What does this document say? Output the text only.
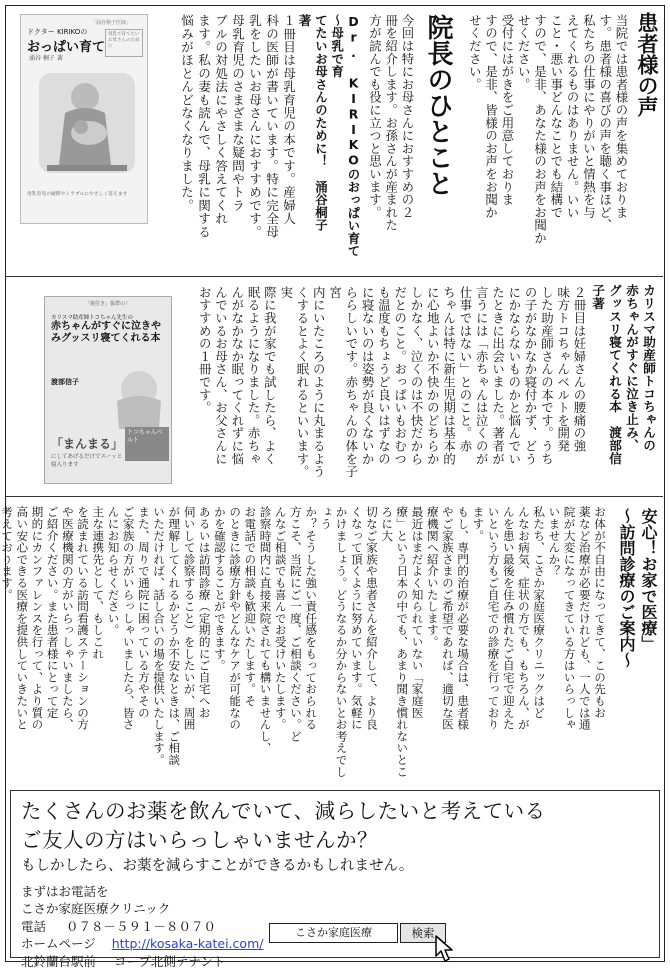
患者様の声
当院では患者様の声を集めておりま
す。患者様の喜びの声を聴く事ほど、
私たちの仕事にやりがいと情熱を与
えてくれるものはありません。いい
こと・悪い事どんなことでも結構で
すので、是非、あなた様のお声をお聞か
せください。
受付にはがきをご用意しておりま
すので、是非、皆様のお声をお聞か
せください。
院長のひとこと
今回は特にお母さんにおすすめの２
冊を紹介します。お孫さんが産まれた
方が読んでも役に立つと思います。
Dr. KIRIKOのおっぱい育て～母乳で育
てたいお母さんのために！　涌谷桐子
著
１冊目は母乳育児の本です。産婦人
科の医師が書いています。特に完全母
乳をしたいお母さんにおすすめです。
母乳育児のさまざまな疑問やトラ
ブルの対処法にやさしく答えてくれ
ます。私の妻も読んで、母乳に関する
悩みがほとんどなくなりました。
「涌谷桐子医師」
ドクター KIRIKOの
おっぱい育て
涌谷 桐子 著
母乳で育てたいお母さんのために
母乳育児の疑問やトラブルにやさしく答えます
カリスマ助産師トコちゃんの
赤ちゃんがすぐに泣き止み、
グッスリ寝てくれる本　渡部信
子著
２冊目は妊婦さんの腰痛の強
味方トコちゃんベルトを開発
した助産師さんの本です。うち
の子がなかなか寝付かず、どう
にかならないものかと悩んでい
たときに出会いました。著者が
言うには「赤ちゃんは泣くのが
仕事ではない」とのこと。赤
ちゃんは特に新生児期は基本的
に心地よいか不快かのどちらか
しかなく、泣くのは不快だから
だとのこと。おっぱいもおむつ
も温度もちょうど良いはずなの
に寝ないのは姿勢が良くないか
ららしいです。赤ちゃんの体を子宮
内にいたころのように丸まるよう
くするとよく眠れるといいます。実
際に我が家でも試したら、よく
眠るようになりました。赤ちゃ
んがなかなか眠ってくれずに悩
んでいるお母さん、お父さんに
おすすめの１冊です。
「寝付き」抜群の！
カリスマ助産師トコちゃん先生の
赤ちゃんがすぐに泣きやみグッスリ寝てくれる本
渡部信子
「まんまる」
トコちゃんベルト
にしてあげるだけでスーッと寝入ります
安心！お家で医療」
～訪問診療のご案内～
お体が不自由になってきて、この先もお
薬など治療が必要だけれども、一人では通
院が大変になってきている方はいらっしゃ
いませんか？
私たち、こさか家庭医療クリニックはど
んなお病気、症状の方でも、もちろん、が
んを患い最後を住み慣れたご自宅で迎えた
いという方もご自宅での診療を行っており
ます。
もし、専門的治療が必要な場合は、患者様
やご家族さまのご希望であれば、適切な医
療機関へ紹介いたします。
最近はまだよく知られていない「家庭医
療」という日本の中でも、あまり聞き慣れないところに大
切なご家族や患者さんを紹介して、より良
くなって頂くように努めています。気軽に
かけましょう。どうなるか分からないとお考えでしょう
か？そうした強い責任感をもっておられる
方こそ、当院にご一度、ご相談ください。ど
んなご相談でも喜んでお受けいたします。
診察時間内に直接来院されても構いませんし、
お電話での相談も歓迎いたします。そ
のときに診療方針やどんなケアが可能なの
かを確認することができます。
あるいは訪問診療（定期的にご自宅へお
伺いして診察すること）をしたいが、周囲
が理解してくれるかどうか不安なときは、ご相談
いただければ、話し合いの場を提供いたします。
また、周りで通院に困っている方やその
ご家族の方がいらっしゃいましたら、皆さ
んにお知らせください。
主な連携先として、もしこれ
を読まれている訪問看護ステーションの方
や医療機関の方がいらっしゃいましたら、
ご紹介ください。また患者様にとって定
期的にカンファレンスを行って、より質の
高い安心できる医療を提供していきたいと
考えております。

たくさんのお薬を飲んでいて、減らしたいと考えている
ご友人の方はいらっしゃいませんか？
もしかしたら、お薬を減らすことができるかもしれません。
まずはお電話を
こさか家庭医療クリニック
電話 ０７８－５９１－８０７０
ホームページ http://kosaka-katei.com/
北鈴蘭台駅前 コープ北側テナント
こさか家庭医療	検索
